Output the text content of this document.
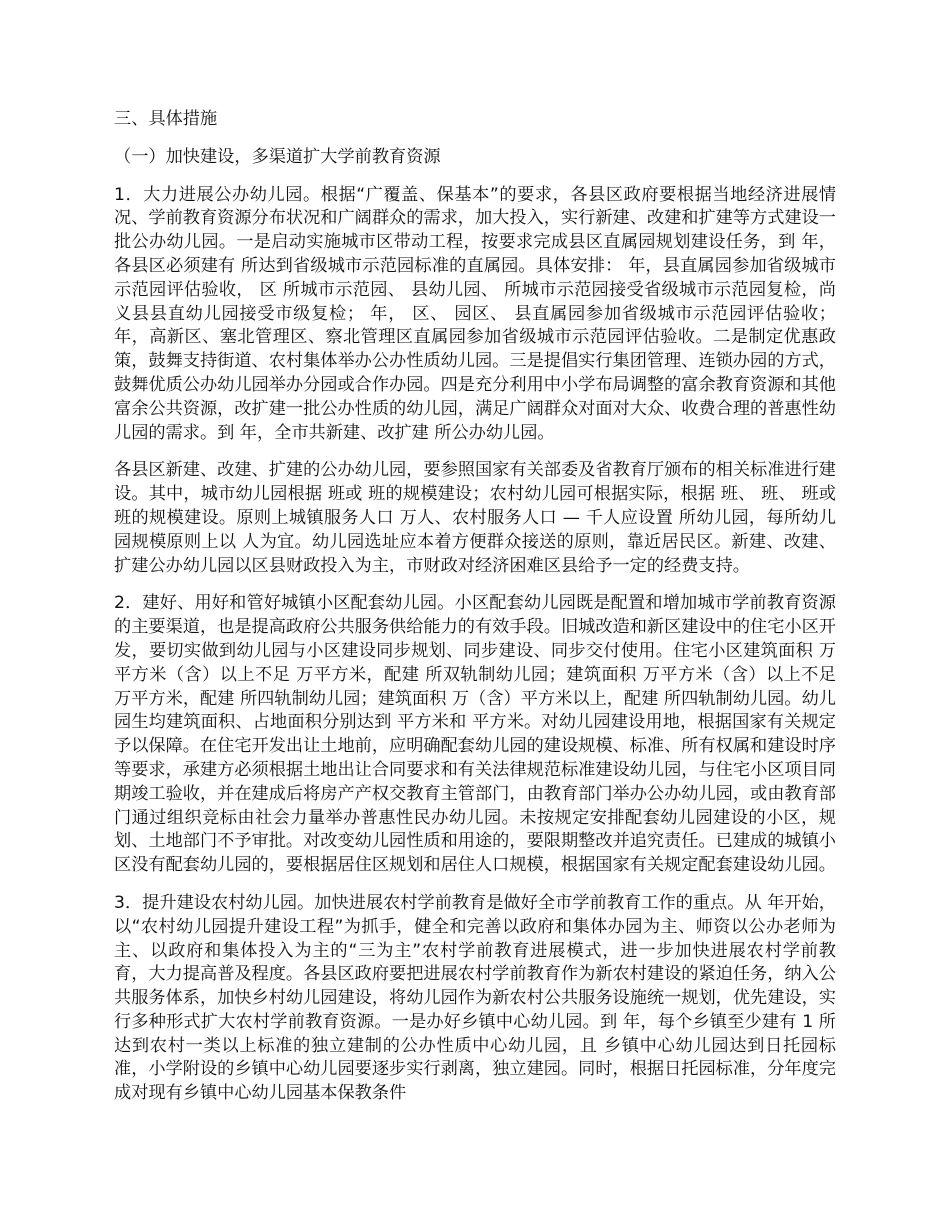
三、具体措施

（一）加快建设，多渠道扩大学前教育资源

1．大力进展公办幼儿园。根据“广覆盖、保基本”的要求，各县区政府要根据当地经济进展情况、学前教育资源分布状况和广阔群众的需求，加大投入，实行新建、改建和扩建等方式建设一批公办幼儿园。一是启动实施城市区带动工程，按要求完成县区直属园规划建设任务，到 年，各县区必须建有 所达到省级城市示范园标准的直属园。具体安排： 年，县直属园参加省级城市示范园评估验收， 区 所城市示范园、 县幼儿园、 所城市示范园接受省级城市示范园复检，尚义县县直幼儿园接受市级复检； 年， 区、 园区、 县直属园参加省级城市示范园评估验收； 年，高新区、塞北管理区、察北管理区直属园参加省级城市示范园评估验收。二是制定优惠政策，鼓舞支持街道、农村集体举办公办性质幼儿园。三是提倡实行集团管理、连锁办园的方式，鼓舞优质公办幼儿园举办分园或合作办园。四是充分利用中小学布局调整的富余教育资源和其他富余公共资源，改扩建一批公办性质的幼儿园，满足广阔群众对面对大众、收费合理的普惠性幼儿园的需求。到 年，全市共新建、改扩建 所公办幼儿园。

各县区新建、改建、扩建的公办幼儿园，要参照国家有关部委及省教育厅颁布的相关标准进行建设。其中，城市幼儿园根据 班或 班的规模建设；农村幼儿园可根据实际，根据 班、 班、 班或 班的规模建设。原则上城镇服务人口 万人、农村服务人口 — 千人应设置 所幼儿园，每所幼儿园规模原则上以 人为宜。幼儿园选址应本着方便群众接送的原则，靠近居民区。新建、改建、扩建公办幼儿园以区县财政投入为主，市财政对经济困难区县给予一定的经费支持。

2．建好、用好和管好城镇小区配套幼儿园。小区配套幼儿园既是配置和增加城市学前教育资源的主要渠道，也是提高政府公共服务供给能力的有效手段。旧城改造和新区建设中的住宅小区开发，要切实做到幼儿园与小区建设同步规划、同步建设、同步交付使用。住宅小区建筑面积 万平方米（含）以上不足 万平方米，配建 所双轨制幼儿园；建筑面积 万平方米（含）以上不足 万平方米，配建 所四轨制幼儿园；建筑面积 万（含）平方米以上，配建 所四轨制幼儿园。幼儿园生均建筑面积、占地面积分别达到 平方米和 平方米。对幼儿园建设用地，根据国家有关规定予以保障。在住宅开发出让土地前，应明确配套幼儿园的建设规模、标准、所有权属和建设时序等要求，承建方必须根据土地出让合同要求和有关法律规范标准建设幼儿园，与住宅小区项目同期竣工验收，并在建成后将房产产权交教育主管部门，由教育部门举办公办幼儿园，或由教育部门通过组织竞标由社会力量举办普惠性民办幼儿园。未按规定安排配套幼儿园建设的小区，规划、土地部门不予审批。对改变幼儿园性质和用途的，要限期整改并追究责任。已建成的城镇小区没有配套幼儿园的，要根据居住区规划和居住人口规模，根据国家有关规定配套建设幼儿园。

3．提升建设农村幼儿园。加快进展农村学前教育是做好全市学前教育工作的重点。从 年开始，以“农村幼儿园提升建设工程”为抓手，健全和完善以政府和集体办园为主、师资以公办老师为主、以政府和集体投入为主的“三为主”农村学前教育进展模式，进一步加快进展农村学前教育，大力提高普及程度。各县区政府要把进展农村学前教育作为新农村建设的紧迫任务，纳入公共服务体系，加快乡村幼儿园建设，将幼儿园作为新农村公共服务设施统一规划，优先建设，实行多种形式扩大农村学前教育资源。一是办好乡镇中心幼儿园。到 年，每个乡镇至少建有 1 所达到农村一类以上标准的独立建制的公办性质中心幼儿园，且 乡镇中心幼儿园达到日托园标准，小学附设的乡镇中心幼儿园要逐步实行剥离，独立建园。同时，根据日托园标准，分年度完成对现有乡镇中心幼儿园基本保教条件
